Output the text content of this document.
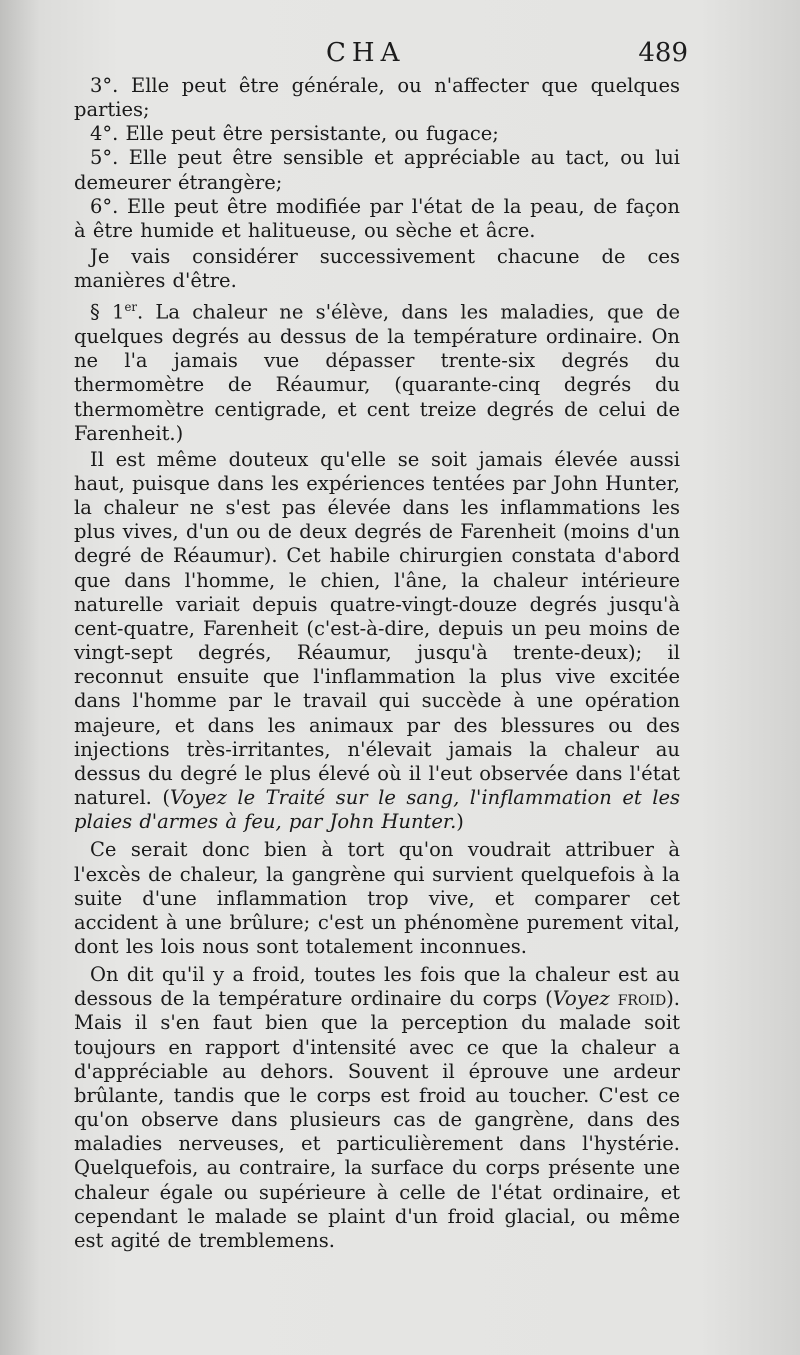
CHA	489

3°. Elle peut être générale, ou n'affecter que quelques parties;

4°. Elle peut être persistante, ou fugace;

5°. Elle peut être sensible et appréciable au tact, ou lui demeurer étrangère;

6°. Elle peut être modifiée par l'état de la peau, de façon à être humide et halitueuse, ou sèche et âcre.

Je vais considérer successivement chacune de ces manières d'être.

§ 1er. La chaleur ne s'élève, dans les maladies, que de quelques degrés au dessus de la température ordinaire. On ne l'a jamais vue dépasser trente-six degrés du thermomètre de Réaumur, (quarante-cinq degrés du thermomètre centigrade, et cent treize degrés de celui de Farenheit.)

Il est même douteux qu'elle se soit jamais élevée aussi haut, puisque dans les expériences tentées par John Hunter, la chaleur ne s'est pas élevée dans les inflammations les plus vives, d'un ou de deux degrés de Farenheit (moins d'un degré de Réaumur). Cet habile chirurgien constata d'abord que dans l'homme, le chien, l'âne, la chaleur intérieure naturelle variait depuis quatre-vingt-douze degrés jusqu'à cent-quatre, Farenheit (c'est-à-dire, depuis un peu moins de vingt-sept degrés, Réaumur, jusqu'à trente-deux); il reconnut ensuite que l'inflammation la plus vive excitée dans l'homme par le travail qui succède à une opération majeure, et dans les animaux par des blessures ou des injections très-irritantes, n'élevait jamais la chaleur au dessus du degré le plus élevé où il l'eut observée dans l'état naturel. (Voyez le Traité sur le sang, l'inflammation et les plaies d'armes à feu, par John Hunter.)

Ce serait donc bien à tort qu'on voudrait attribuer à l'excès de chaleur, la gangrène qui survient quelquefois à la suite d'une inflammation trop vive, et comparer cet accident à une brûlure; c'est un phénomène purement vital, dont les lois nous sont totalement inconnues.

On dit qu'il y a froid, toutes les fois que la chaleur est au dessous de la température ordinaire du corps (Voyez froid). Mais il s'en faut bien que la perception du malade soit toujours en rapport d'intensité avec ce que la chaleur a d'appréciable au dehors. Souvent il éprouve une ardeur brûlante, tandis que le corps est froid au toucher. C'est ce qu'on observe dans plusieurs cas de gangrène, dans des maladies nerveuses, et particulièrement dans l'hystérie. Quelquefois, au contraire, la surface du corps présente une chaleur égale ou supérieure à celle de l'état ordinaire, et cependant le malade se plaint d'un froid glacial, ou même est agité de tremblemens.
